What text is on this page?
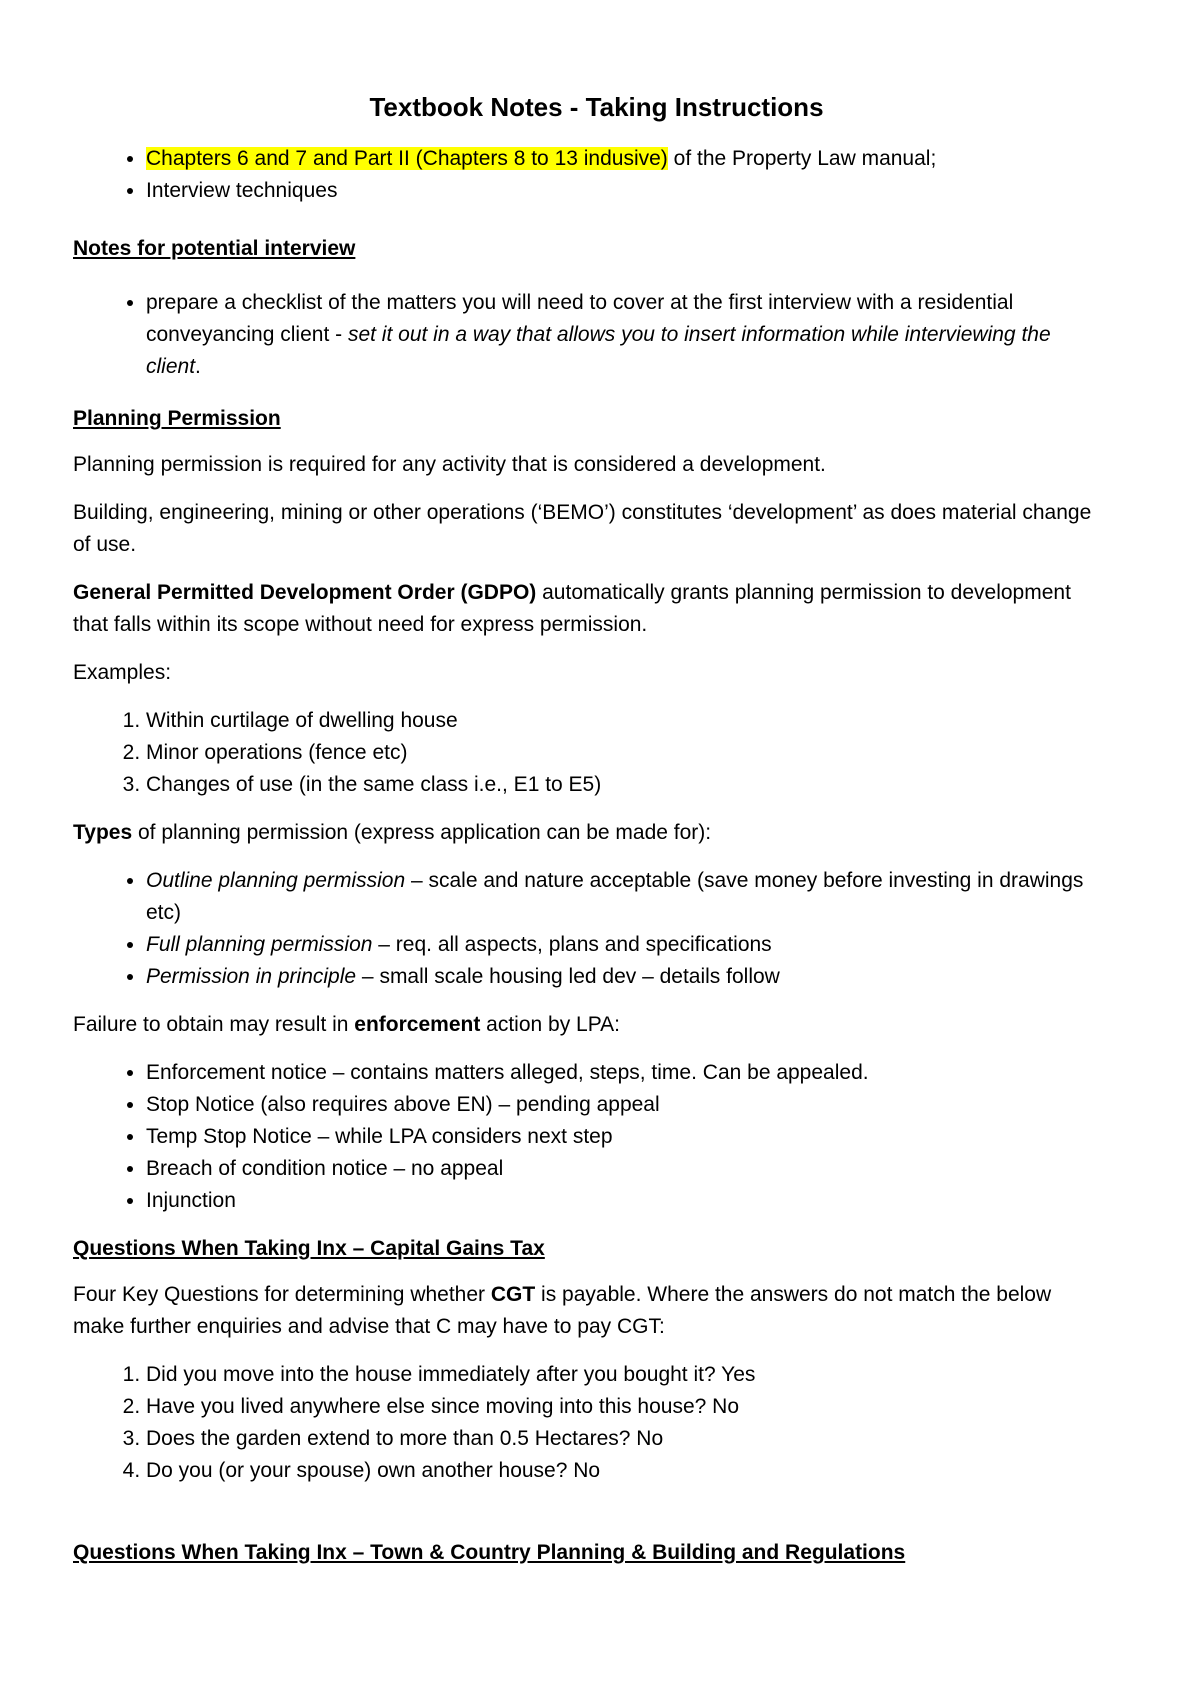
Textbook Notes - Taking Instructions
• Chapters 6 and 7 and Part II (Chapters 8 to 13 indusive) of the Property Law manual;
• Interview techniques

Notes for potential interview

• prepare a checklist of the matters you will need to cover at the first interview with a residential conveyancing client - set it out in a way that allows you to insert information while interviewing the client.

Planning Permission

Planning permission is required for any activity that is considered a development.

Building, engineering, mining or other operations (‘BEMO’) constitutes ‘development’ as does material change of use.

General Permitted Development Order (GDPO) automatically grants planning permission to development that falls within its scope without need for express permission.

Examples:

1. Within curtilage of dwelling house
2. Minor operations (fence etc)
3. Changes of use (in the same class i.e., E1 to E5)

Types of planning permission (express application can be made for):

• Outline planning permission – scale and nature acceptable (save money before investing in drawings etc)
• Full planning permission – req. all aspects, plans and specifications
• Permission in principle – small scale housing led dev – details follow

Failure to obtain may result in enforcement action by LPA:

• Enforcement notice – contains matters alleged, steps, time. Can be appealed.
• Stop Notice (also requires above EN) – pending appeal
• Temp Stop Notice – while LPA considers next step
• Breach of condition notice – no appeal
• Injunction

Questions When Taking Inx – Capital Gains Tax

Four Key Questions for determining whether CGT is payable. Where the answers do not match the below make further enquiries and advise that C may have to pay CGT:

1. Did you move into the house immediately after you bought it? Yes
2. Have you lived anywhere else since moving into this house? No
3. Does the garden extend to more than 0.5 Hectares? No
4. Do you (or your spouse) own another house? No

Questions When Taking Inx – Town & Country Planning & Building and Regulations
